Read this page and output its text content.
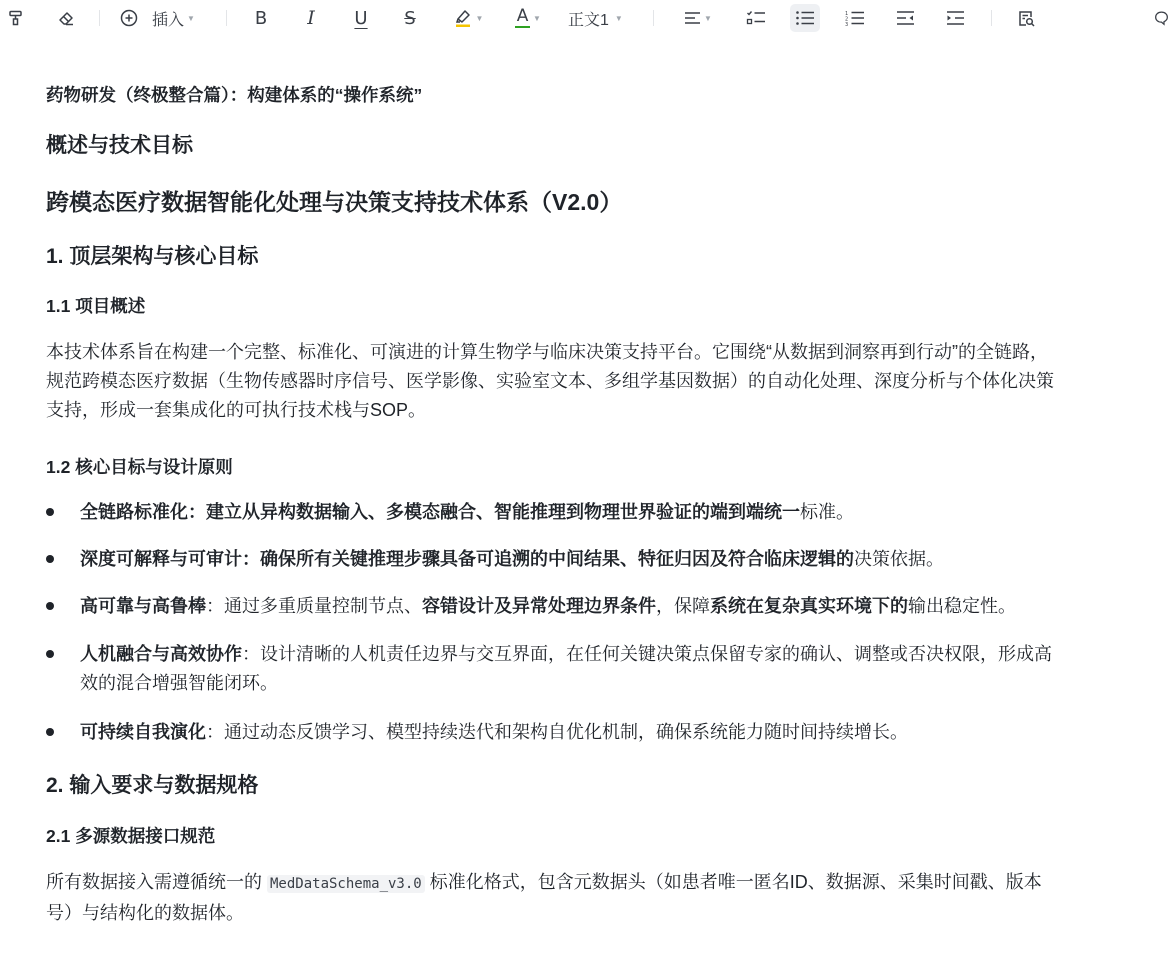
插入 ▼	B I U S	▼ A ▼ 正文1 ▼	▼	1
2
3
药物研发（终极整合篇）：构建体系的“操作系统”
概述与技术目标
跨模态医疗数据智能化处理与决策支持技术体系（V2.0）
1. 顶层架构与核心目标
1.1 项目概述
本技术体系旨在构建一个完整、标准化、可演进的计算生物学与临床决策支持平台。它围绕“从数据到洞察再到行动”的全链路，
规范跨模态医疗数据（生物传感器时序信号、医学影像、实验室文本、多组学基因数据）的自动化处理、深度分析与个体化决策
支持，形成一套集成化的可执行技术栈与SOP。
1.2 核心目标与设计原则
全链路标准化：建立从异构数据输入、多模态融合、智能推理到物理世界验证的端到端统一标准。
深度可解释与可审计：确保所有关键推理步骤具备可追溯的中间结果、特征归因及符合临床逻辑的决策依据。
高可靠与高鲁棒：通过多重质量控制节点、容错设计及异常处理边界条件，保障系统在复杂真实环境下的输出稳定性。
人机融合与高效协作：设计清晰的人机责任边界与交互界面，在任何关键决策点保留专家的确认、调整或否决权限，形成高
效的混合增强智能闭环。
可持续自我演化：通过动态反馈学习、模型持续迭代和架构自优化机制，确保系统能力随时间持续增长。
2. 输入要求与数据规格
2.1 多源数据接口规范
所有数据接入需遵循统一的 MedDataSchema_v3.0 标准化格式，包含元数据头（如患者唯一匿名ID、数据源、采集时间戳、版本
号）与结构化的数据体。
